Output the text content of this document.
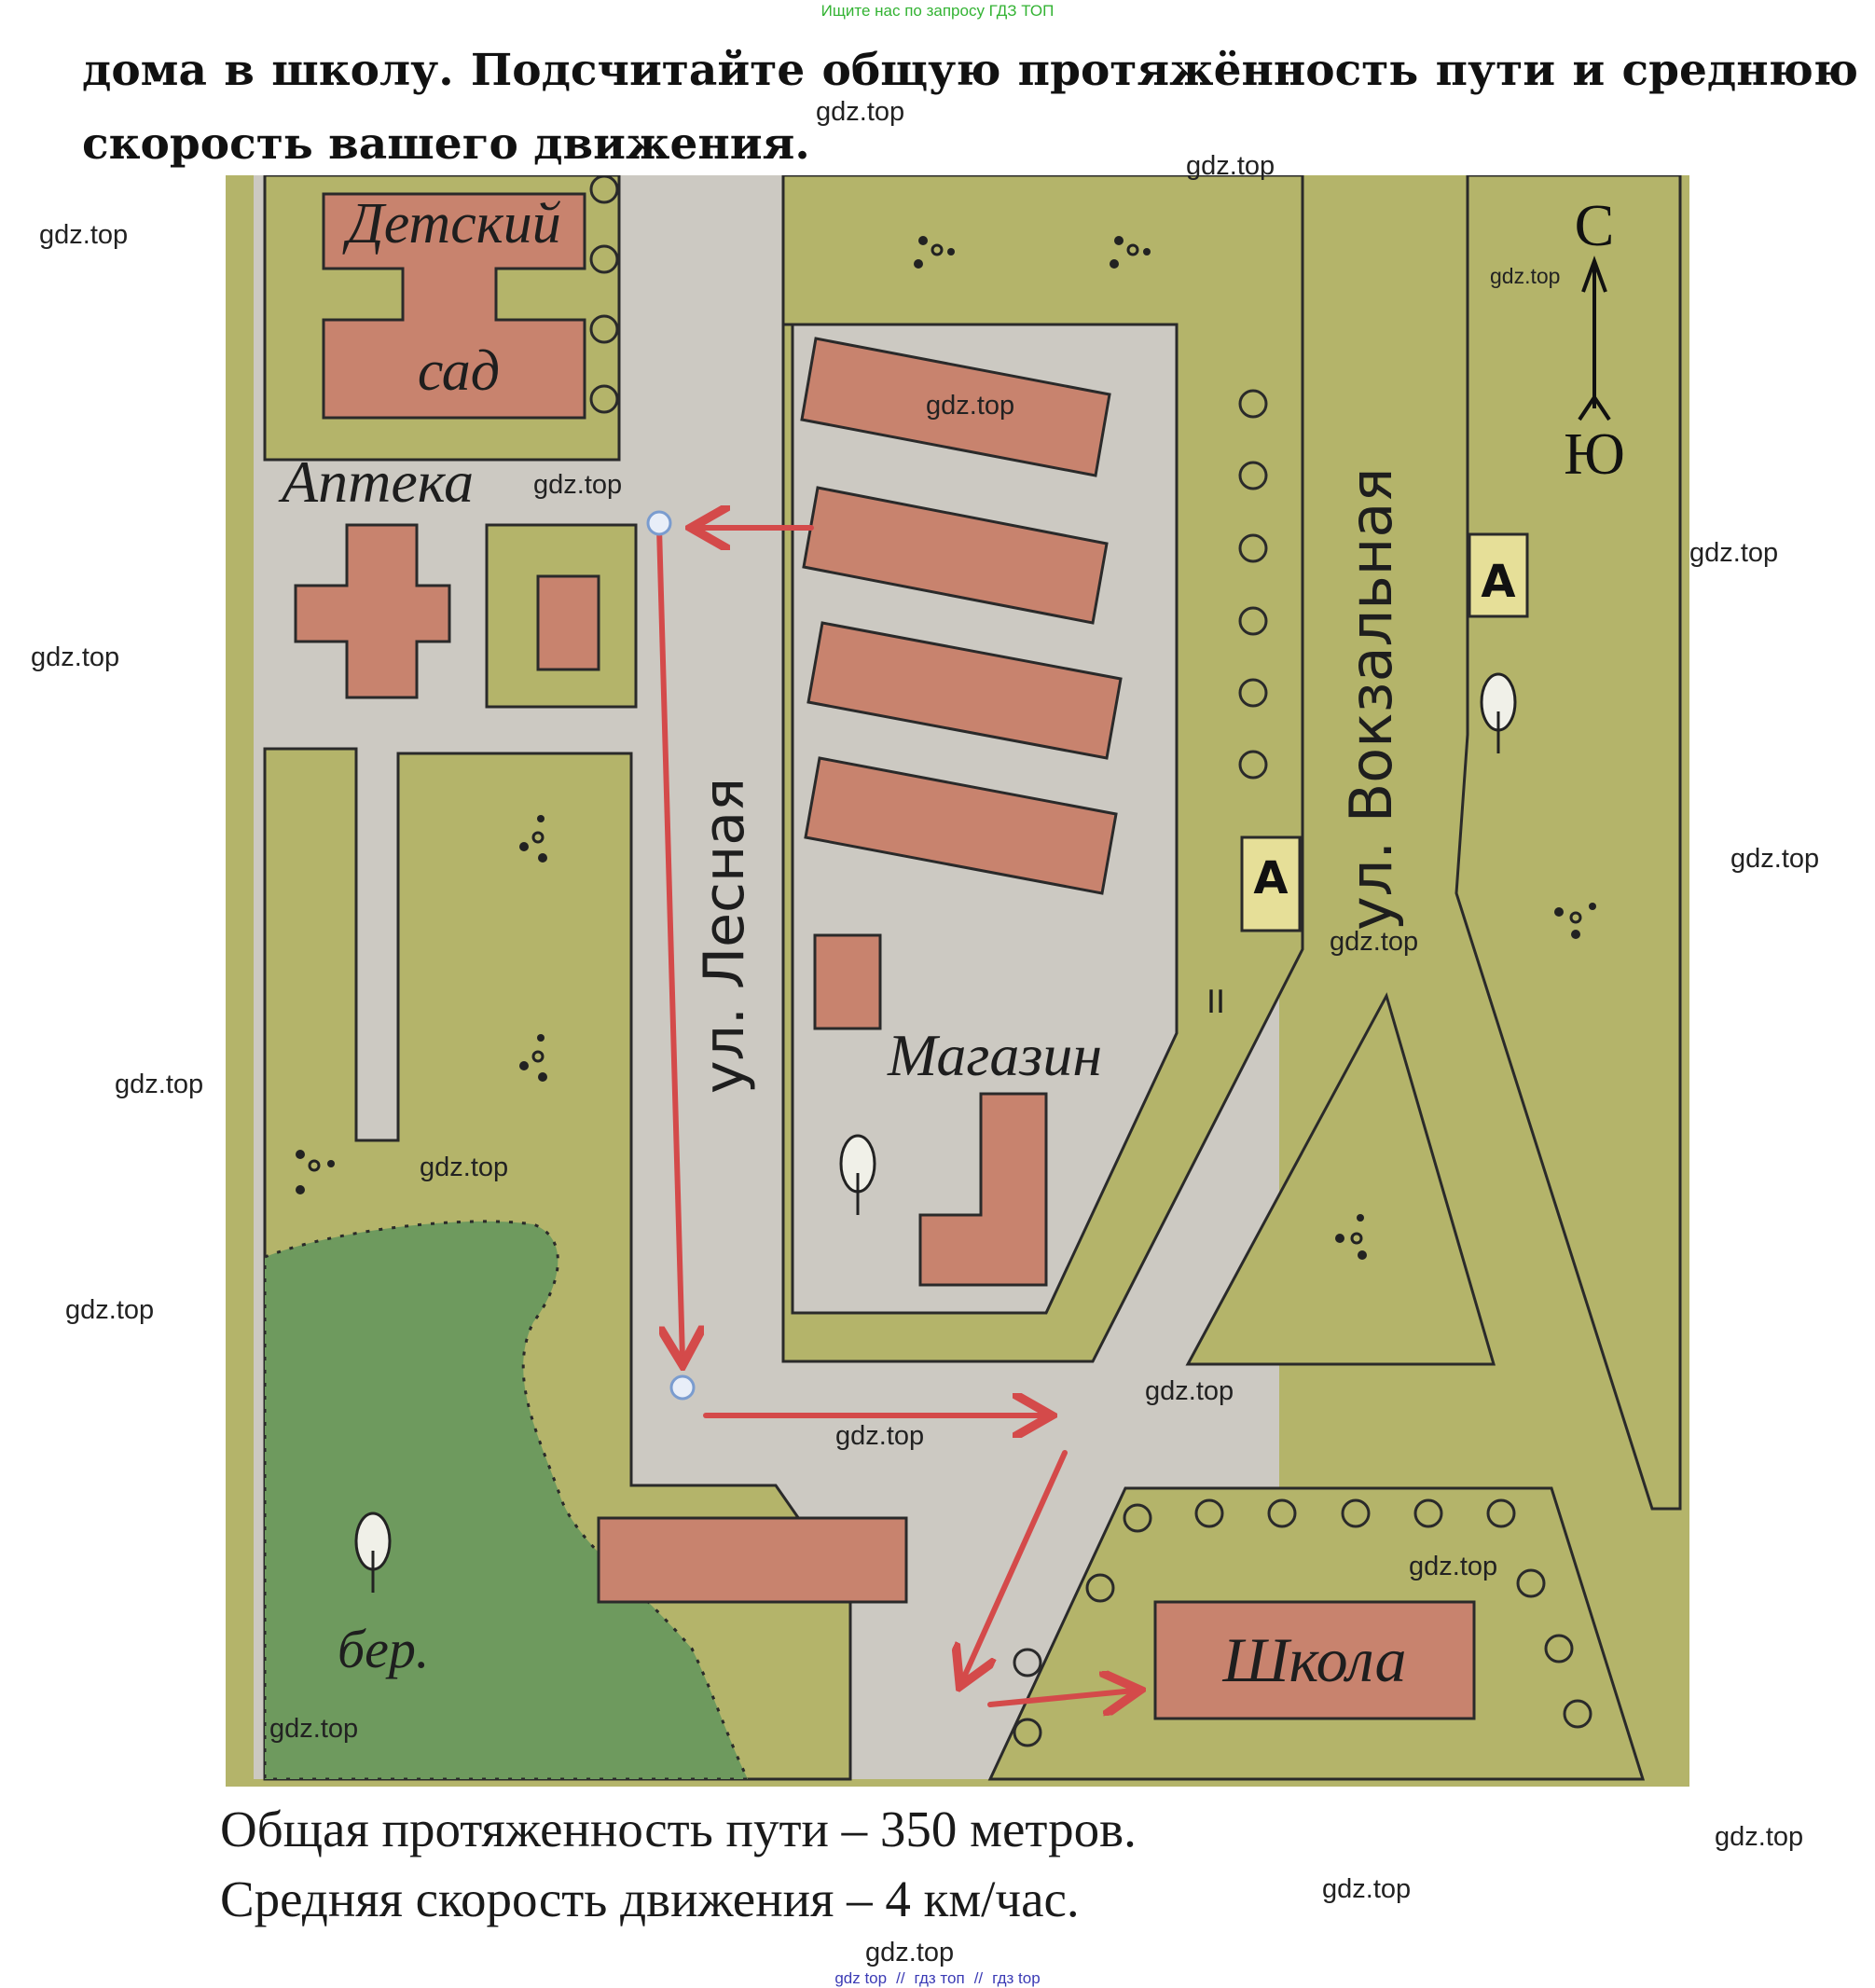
Ищите нас по запросу ГДЗ ТОП
дома в школу. Подсчитайте общую протяжённость пути и среднюю
скорость вашего движения.
А
А
С
Ю
Детский
сад
Аптека
Магазин
Школа
бер.
ул. Лесная
ул. Вокзальная
II
Общая протяженность пути – 350 метров.
Средняя скорость движения – 4 км/час.
gdz.top
gdz.top
gdz.top
gdz.top
gdz.top
gdz.top
gdz.top
gdz.top
gdz.top
gdz.top
gdz.top
gdz.top
gdz.top
gdz.top
gdz.top
gdz.top
gdz.top
gdz.top
gdz.top
gdz.top
gdz top // гдз топ // гдз top
